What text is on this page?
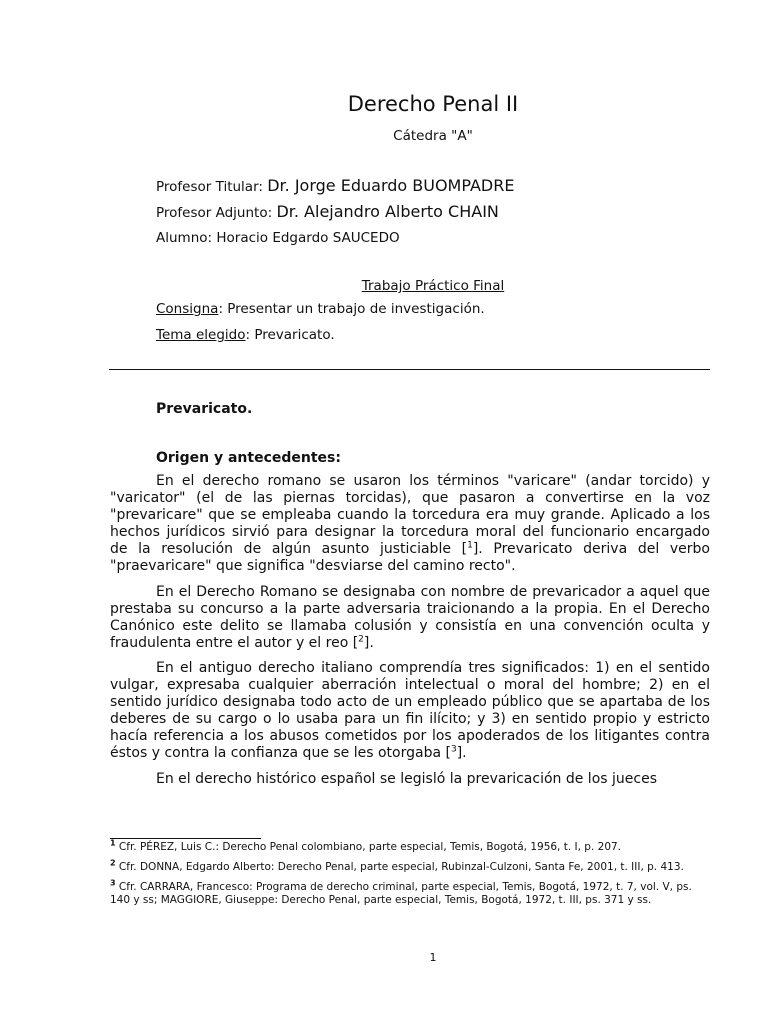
Derecho Penal II
Cátedra "A"
Profesor Titular: Dr. Jorge Eduardo BUOMPADRE
Profesor Adjunto: Dr. Alejandro Alberto CHAIN
Alumno: Horacio Edgardo SAUCEDO
Trabajo Práctico Final
Consigna: Presentar un trabajo de investigación.
Tema elegido: Prevaricato.
Prevaricato.
Origen y antecedentes:

En el derecho romano se usaron los términos "varicare" (andar torcido) y "varicator" (el de las piernas torcidas), que pasaron a convertirse en la voz "prevaricare" que se empleaba cuando la torcedura era muy grande. Aplicado a los hechos jurídicos sirvió para designar la torcedura moral del funcionario encargado de la resolución de algún asunto justiciable [$^1$]. Prevaricato deriva del verbo "praevaricare" que significa "desviarse del camino recto".

En el Derecho Romano se designaba con nombre de prevaricador a aquel que prestaba su concurso a la parte adversaria traicionando a la propia. En el Derecho Canónico este delito se llamaba colusión y consistía en una convención oculta y fraudulenta entre el autor y el reo [$^2$].

En el antiguo derecho italiano comprendía tres significados: 1) en el sentido vulgar, expresaba cualquier aberración intelectual o moral del hombre; 2) en el sentido jurídico designaba todo acto de un empleado público que se apartaba de los deberes de su cargo o lo usaba para un fin ilícito; y 3) en sentido propio y estricto hacía referencia a los abusos cometidos por los apoderados de los litigantes contra éstos y contra la confianza que se les otorgaba [$^3$].

En el derecho histórico español se legisló la prevaricación de los jueces

$^1$ Cfr. PÉREZ, Luis C.: Derecho Penal colombiano, parte especial, Temis, Bogotá, 1956, t. I, p. 207.
$^2$ Cfr. DONNA, Edgardo Alberto: Derecho Penal, parte especial, Rubinzal-Culzoni, Santa Fe, 2001, t. III, p. 413.
$^3$ Cfr. CARRARA, Francesco: Programa de derecho criminal, parte especial, Temis, Bogotá, 1972, t. 7, vol. V, ps. 140 y ss; MAGGIORE, Giuseppe: Derecho Penal, parte especial, Temis, Bogotá, 1972, t. III, ps. 371 y ss.
1
